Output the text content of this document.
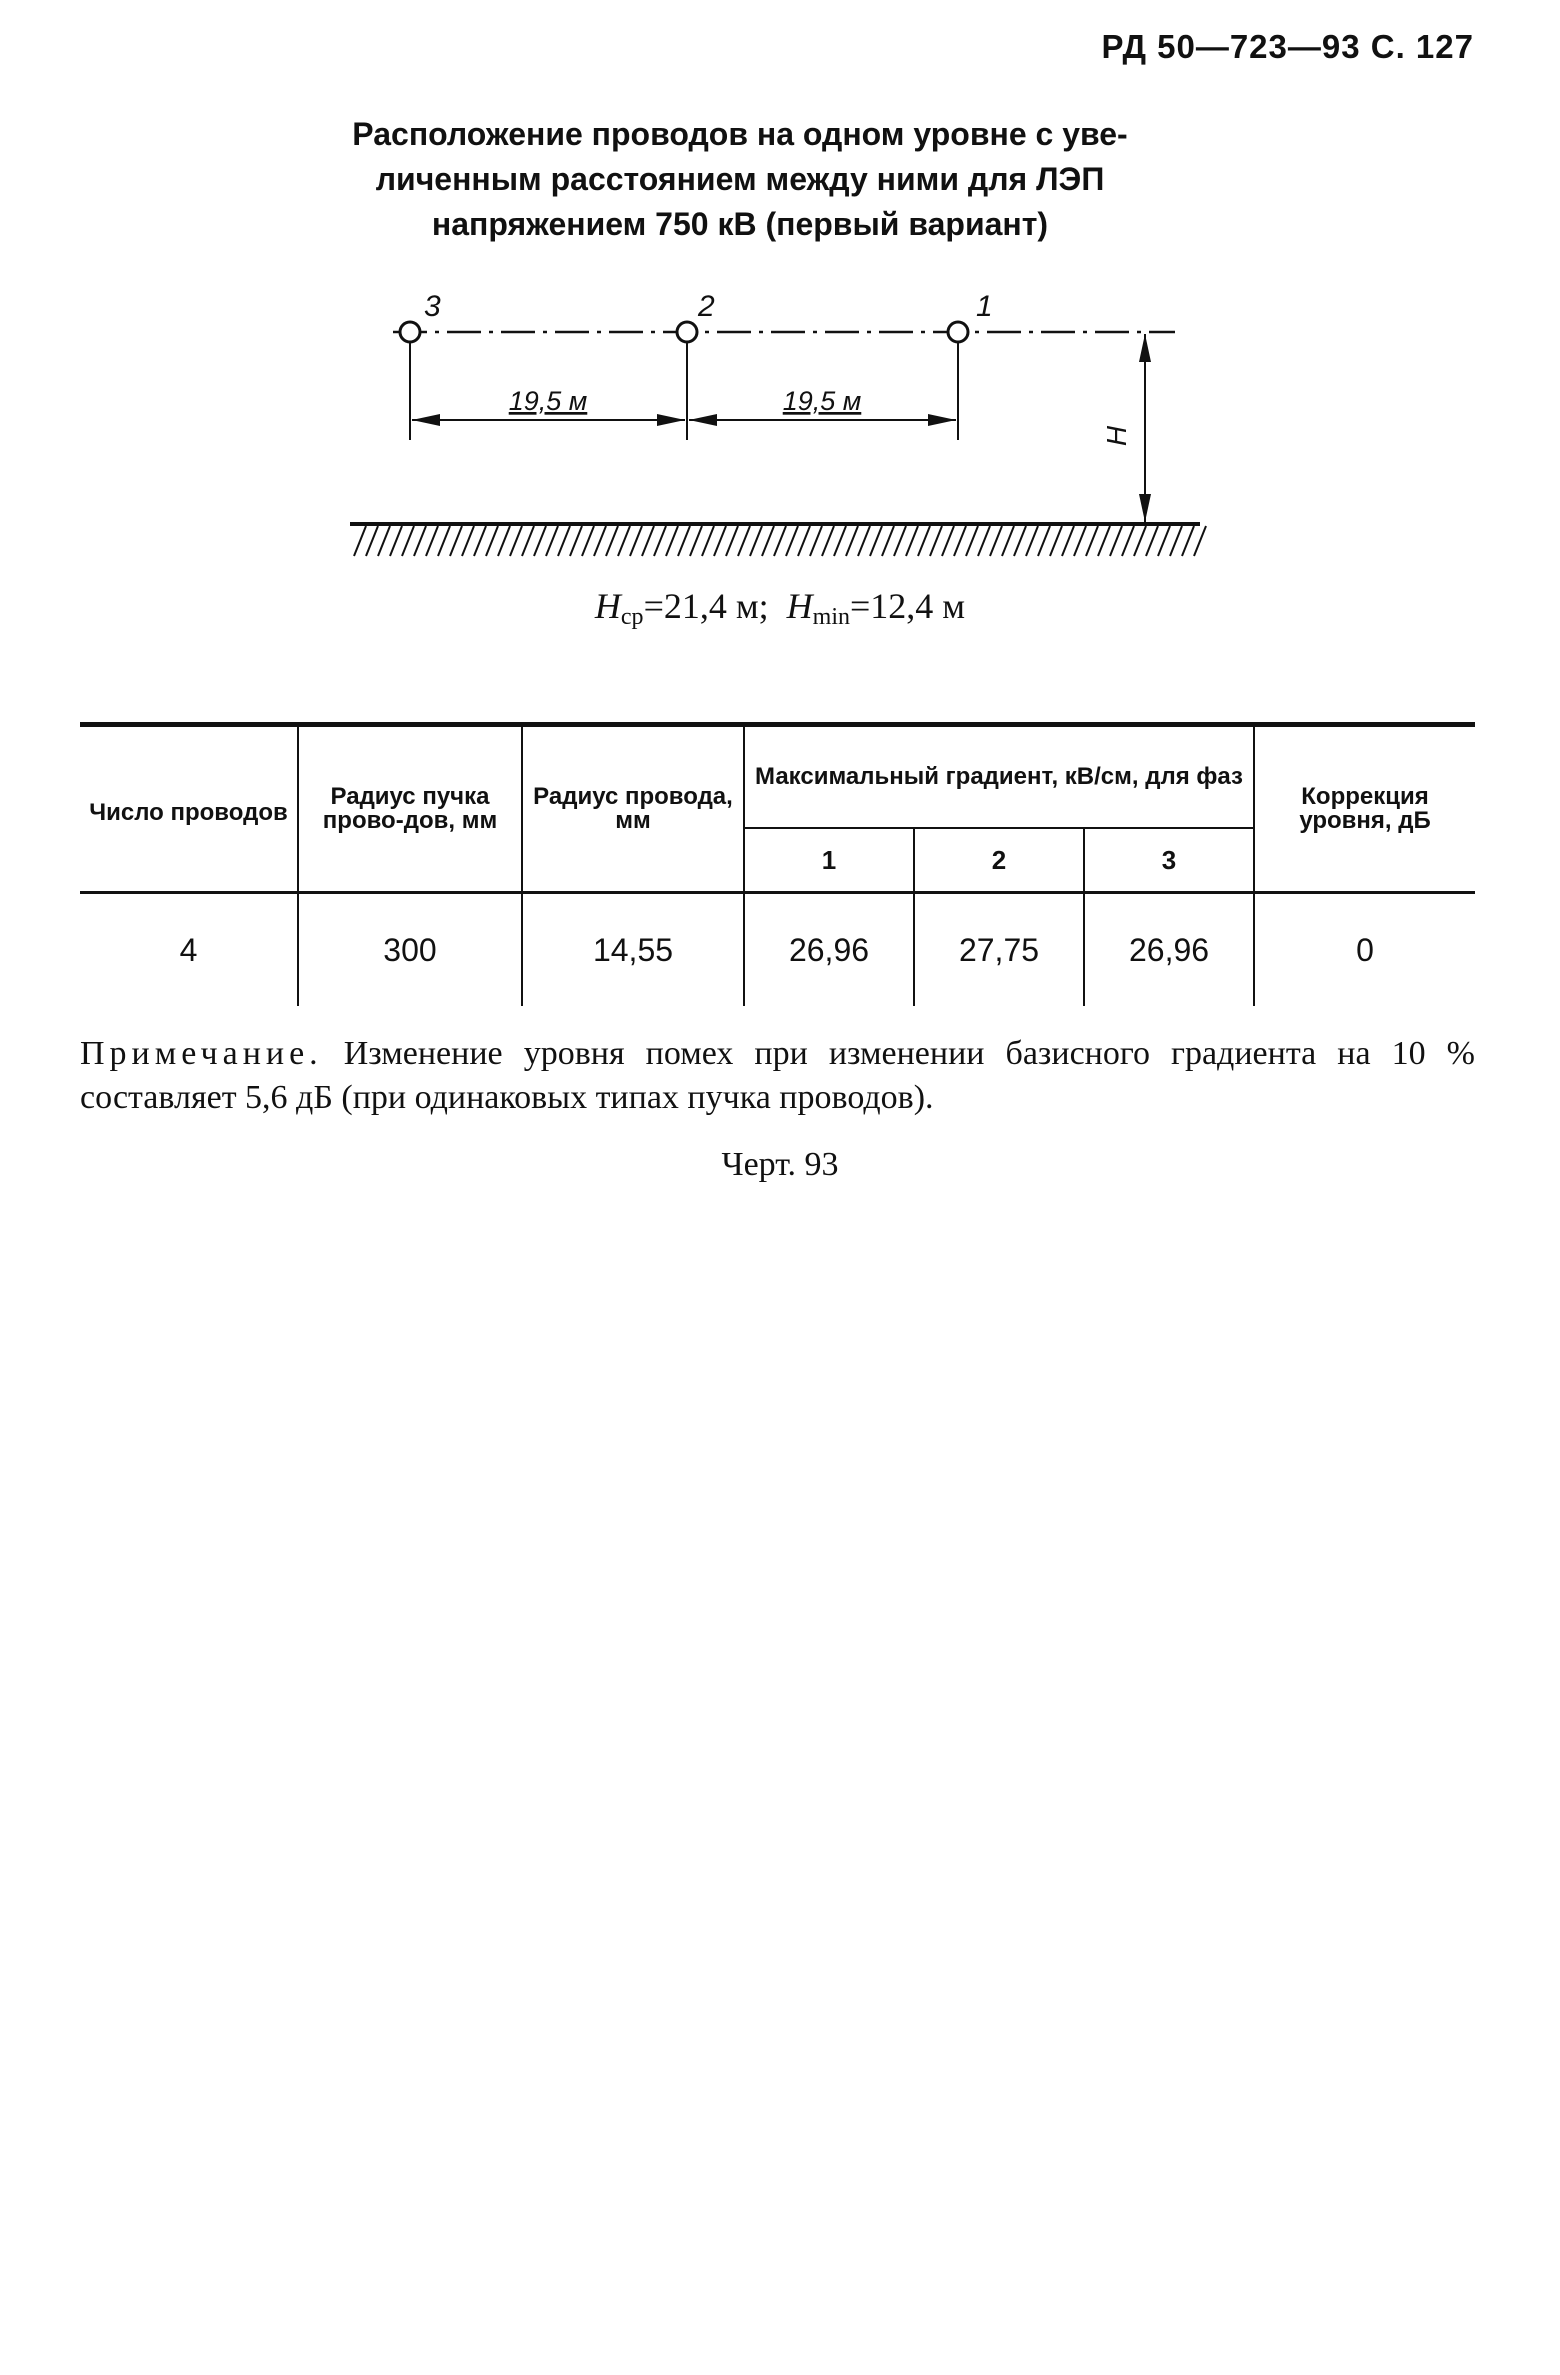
РД 50—723—93 С. 127
Расположение проводов на одном уровне с уве-
личенным расстоянием между ними для ЛЭП
напряжением 750 кВ (первый вариант)
3	2	1
19,5 м	19,5 м
Н
$H_{ср}=21,4$ м; $H_{min}=12,4$ м
Число проводов	Радиус пучка прово-дов, мм	Радиус провода, мм	Максимальный градиент, кВ/см, для фаз			Коррекция уровня, дБ
			1	2	3	
4	300	14,55	26,96	27,75	26,96	0
Примечание. Изменение уровня помех при изменении базисного градиента на 10 % составляет 5,6 дБ (при одинаковых типах пучка проводов).
Черт. 93
